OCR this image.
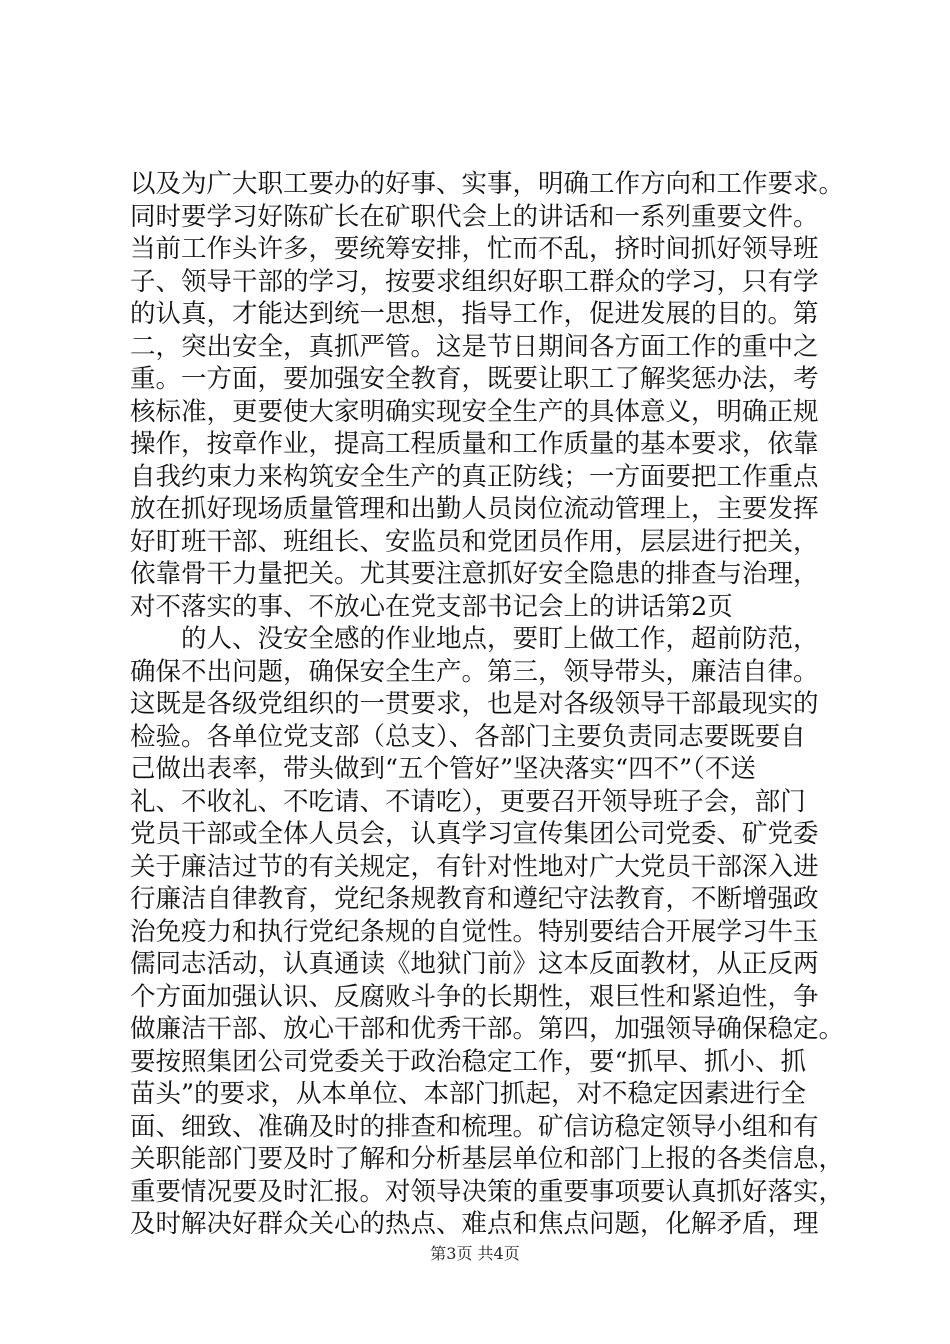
以及为广大职工要办的好事、实事，明确工作方向和工作要求。
同时要学习好陈矿长在矿职代会上的讲话和一系列重要文件。
当前工作头许多，要统筹安排，忙而不乱，挤时间抓好领导班
子、领导干部的学习，按要求组织好职工群众的学习，只有学
的认真，才能达到统一思想，指导工作，促进发展的目的。第
二，突出安全，真抓严管。这是节日期间各方面工作的重中之
重。一方面，要加强安全教育，既要让职工了解奖惩办法，考
核标准，更要使大家明确实现安全生产的具体意义，明确正规
操作，按章作业，提高工程质量和工作质量的基本要求，依靠
自我约束力来构筑安全生产的真正防线；一方面要把工作重点
放在抓好现场质量管理和出勤人员岗位流动管理上，主要发挥
好盯班干部、班组长、安监员和党团员作用，层层进行把关，
依靠骨干力量把关。尤其要注意抓好安全隐患的排查与治理，
对不落实的事、不放心在党支部书记会上的讲话第2页
的人、没安全感的作业地点，要盯上做工作，超前防范，
确保不出问题，确保安全生产。第三，领导带头，廉洁自律。
这既是各级党组织的一贯要求，也是对各级领导干部最现实的
检验。各单位党支部（总支）、各部门主要负责同志要既要自
己做出表率，带头做到“五个管好”坚决落实“四不”（不送
礼、不收礼、不吃请、不请吃），更要召开领导班子会，部门
党员干部或全体人员会，认真学习宣传集团公司党委、矿党委
关于廉洁过节的有关规定，有针对性地对广大党员干部深入进
行廉洁自律教育，党纪条规教育和遵纪守法教育，不断增强政
治免疫力和执行党纪条规的自觉性。特别要结合开展学习牛玉
儒同志活动，认真通读《地狱门前》这本反面教材，从正反两
个方面加强认识、反腐败斗争的长期性，艰巨性和紧迫性，争
做廉洁干部、放心干部和优秀干部。第四，加强领导确保稳定。
要按照集团公司党委关于政治稳定工作，要“抓早、抓小、抓
苗头”的要求，从本单位、本部门抓起，对不稳定因素进行全
面、细致、准确及时的排查和梳理。矿信访稳定领导小组和有
关职能部门要及时了解和分析基层单位和部门上报的各类信息，
重要情况要及时汇报。对领导决策的重要事项要认真抓好落实，
及时解决好群众关心的热点、难点和焦点问题，化解矛盾，理
第3页 共4页
